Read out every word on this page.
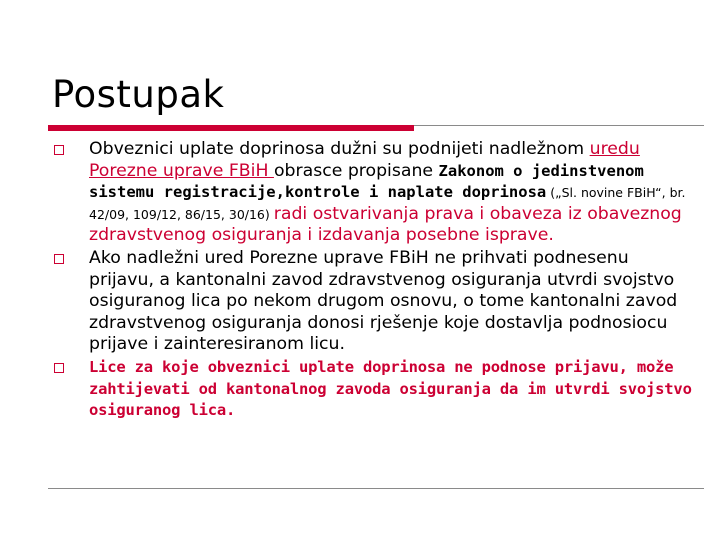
Postupak
Obveznici uplate doprinosa dužni su podnijeti nadležnom uredu Porezne uprave FBiH obrasce propisane Zakonom o jedinstvenom sistemu registracije,kontrole i naplate doprinosa („Sl. novine FBiH“, br. 42/09, 109/12, 86/15, 30/16) radi ostvarivanja prava i obaveza iz obaveznog zdravstvenog osiguranja i izdavanja posebne isprave.
Ako nadležni ured Porezne uprave FBiH ne prihvati podnesenu prijavu, a kantonalni zavod zdravstvenog osiguranja utvrdi svojstvo osiguranog lica po nekom drugom osnovu, o tome kantonalni zavod zdravstvenog osiguranja donosi rješenje koje dostavlja podnosiocu prijave i zainteresiranom licu.
Lice za koje obveznici uplate doprinosa ne podnose prijavu, može zahtijevati od kantonalnog zavoda osiguranja da im utvrdi svojstvo osiguranog lica.
